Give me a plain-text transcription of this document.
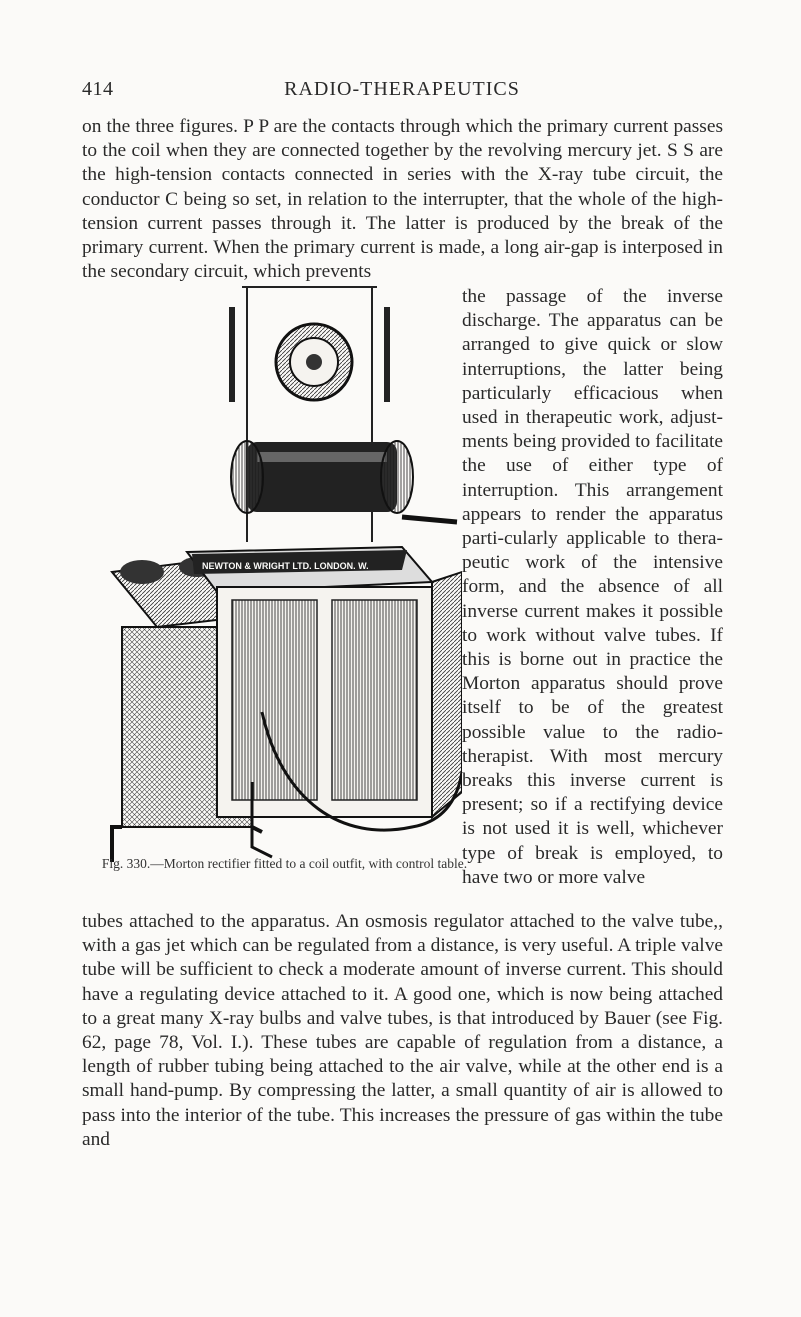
414	RADIO-THERAPEUTICS

on the three figures. P P are the contacts through which the primary current passes to the coil when they are connected together by the revolving mercury jet. S S are the high-tension contacts connected in series with the X-ray tube circuit, the conductor C being so set, in relation to the interrupter, that the whole of the high-tension current passes through it. The latter is produced by the break of the primary current. When the primary current is made, a long air-gap is interposed in the secondary circuit, which prevents

NEWTON & WRIGHT LTD. LONDON. W.
Fig. 330.—Morton rectifier fitted to a coil outfit, with control table.

the passage of the inverse discharge. The apparatus can be arranged to give quick or slow interruptions, the latter being particularly efficacious when used in therapeutic work, adjust-ments being provided to facilitate the use of either type of interruption. This arrangement appears to render the apparatus parti-cularly applicable to thera-peutic work of the intensive form, and the absence of all inverse current makes it possible to work without valve tubes. If this is borne out in practice the Morton apparatus should prove itself to be of the greatest possible value to the radio-therapist. With most mercury breaks this inverse current is present; so if a rectifying device is not used it is well, whichever type of break is employed, to have two or more valve

tubes attached to the apparatus. An osmosis regulator attached to the valve tube,, with a gas jet which can be regulated from a distance, is very useful. A triple valve tube will be sufficient to check a moderate amount of inverse current. This should have a regulating device attached to it. A good one, which is now being attached to a great many X-ray bulbs and valve tubes, is that introduced by Bauer (see Fig. 62, page 78, Vol. I.). These tubes are capable of regulation from a distance, a length of rubber tubing being attached to the air valve, while at the other end is a small hand-pump. By compressing the latter, a small quantity of air is allowed to pass into the interior of the tube. This increases the pressure of gas within the tube and
